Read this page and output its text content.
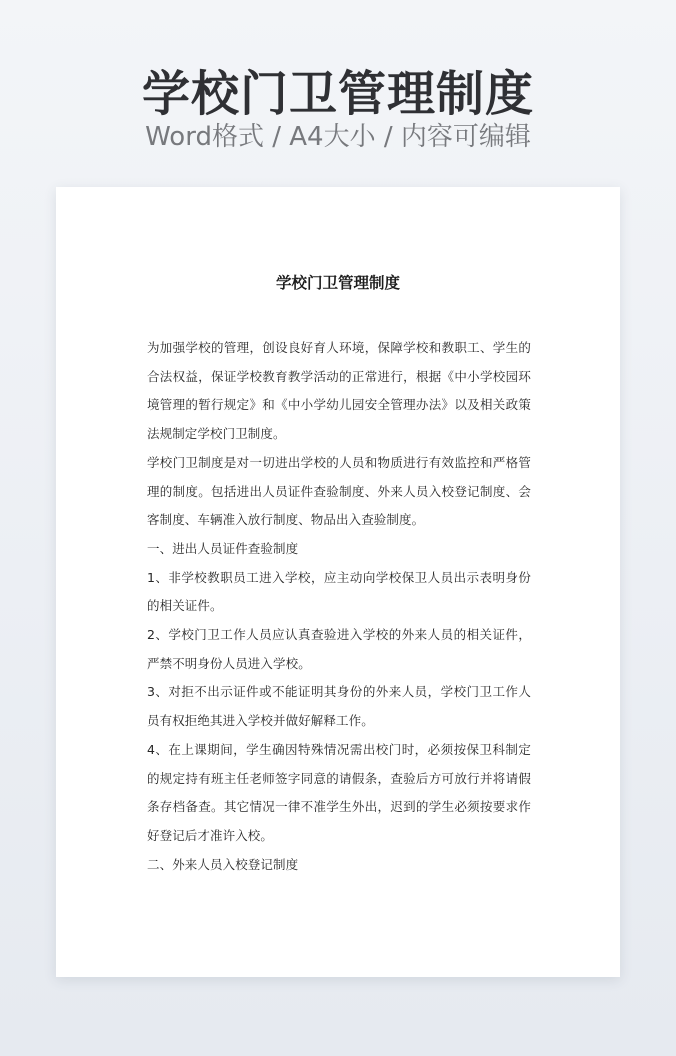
学校门卫管理制度
Word格式 / A4大小 / 内容可编辑
学校门卫管理制度

为加强学校的管理，创设良好育人环境，保障学校和教职工、学生的合法权益，保证学校教育教学活动的正常进行，根据《中小学校园环境管理的暂行规定》和《中小学幼儿园安全管理办法》以及相关政策法规制定学校门卫制度。

学校门卫制度是对一切进出学校的人员和物质进行有效监控和严格管理的制度。包括进出人员证件查验制度、外来人员入校登记制度、会客制度、车辆准入放行制度、物品出入查验制度。

一、进出人员证件查验制度

1、非学校教职员工进入学校，应主动向学校保卫人员出示表明身份的相关证件。

2、学校门卫工作人员应认真查验进入学校的外来人员的相关证件，严禁不明身份人员进入学校。

3、对拒不出示证件或不能证明其身份的外来人员，学校门卫工作人员有权拒绝其进入学校并做好解释工作。

4、在上课期间，学生确因特殊情况需出校门时，必须按保卫科制定的规定持有班主任老师签字同意的请假条，查验后方可放行并将请假条存档备查。其它情况一律不准学生外出，迟到的学生必须按要求作好登记后才准许入校。

二、外来人员入校登记制度
